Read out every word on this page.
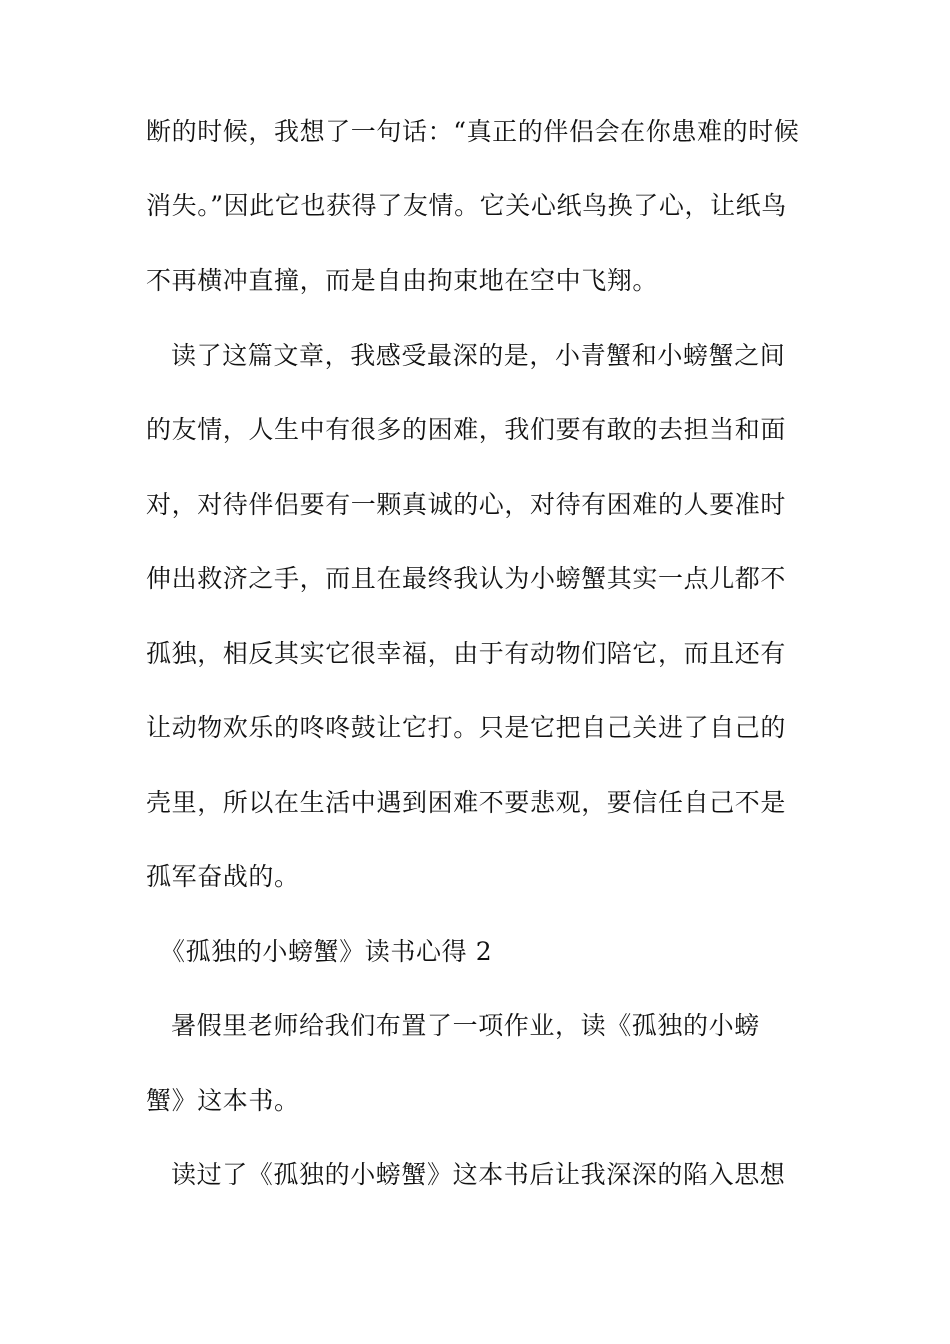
断的时候，我想了一句话：“真正的伴侣会在你患难的时候
消失。”因此它也获得了友情。它关心纸鸟换了心，让纸鸟
不再横冲直撞，而是自由拘束地在空中飞翔。
读了这篇文章，我感受最深的是，小青蟹和小螃蟹之间
的友情，人生中有很多的困难，我们要有敢的去担当和面
对，对待伴侣要有一颗真诚的心，对待有困难的人要准时
伸出救济之手，而且在最终我认为小螃蟹其实一点儿都不
孤独，相反其实它很幸福，由于有动物们陪它，而且还有
让动物欢乐的咚咚鼓让它打。只是它把自己关进了自己的
壳里，所以在生活中遇到困难不要悲观，要信任自己不是
孤军奋战的。
《孤独的小螃蟹》读书心得 2
暑假里老师给我们布置了一项作业，读《孤独的小螃
蟹》这本书。
读过了《孤独的小螃蟹》这本书后让我深深的陷入思想
